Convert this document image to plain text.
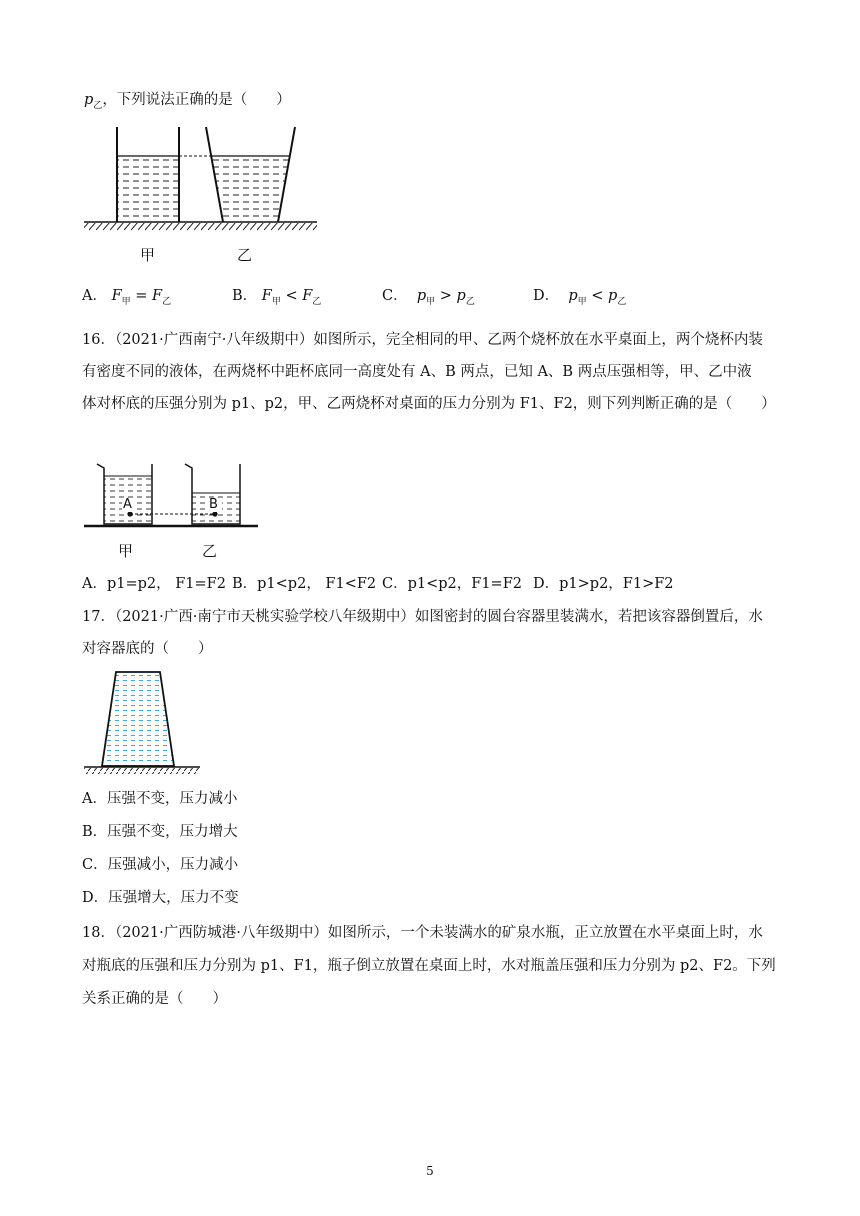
$p_乙$，下列说法正确的是（　　）
甲	乙
A． $F_甲 = F_乙$	B． $F_甲 < F_乙$	C． $p_甲 > p_乙$	D． $p_甲 < p_乙$
16．（2021·广西南宁·八年级期中）如图所示，完全相同的甲、乙两个烧杯放在水平桌面上，两个烧杯内装
有密度不同的液体，在两烧杯中距杯底同一高度处有 A、B 两点，已知 A、B 两点压强相等，甲、乙中液
体对杯底的压强分别为 p1、p2，甲、乙两烧杯对桌面的压力分别为 F1、F2，则下列判断正确的是（　　）
A	B
甲	乙
A．p1=p2， F1=F2 B．p1<p2， F1<F2 C．p1<p2，F1=F2 D．p1>p2，F1>F2
17．（2021·广西·南宁市天桃实验学校八年级期中）如图密封的圆台容器里装满水，若把该容器倒置后，水
对容器底的（　　）
A．压强不变，压力减小
B．压强不变，压力增大
C．压强减小，压力减小
D．压强增大，压力不变
18．（2021·广西防城港·八年级期中）如图所示，一个未装满水的矿泉水瓶，正立放置在水平桌面上时，水
对瓶底的压强和压力分别为 p1、F1，瓶子倒立放置在桌面上时，水对瓶盖压强和压力分别为 p2、F2。下列
关系正确的是（　　）
5
